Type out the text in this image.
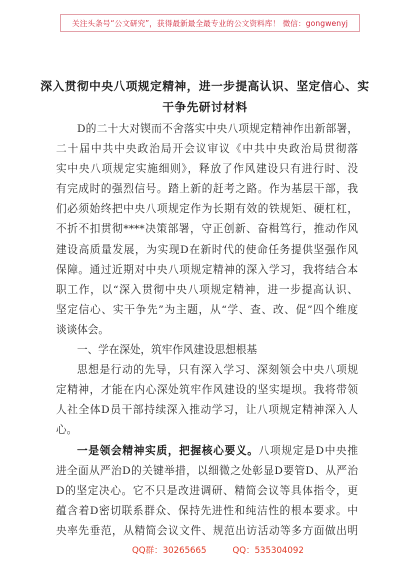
关注头条号“公文研究”，获得最新最全最专业的公文资料库！ 微信：gongwenyj
深入贯彻中央八项规定精神，进一步提高认识、坚定信心、实
干争先研讨材料
D的二十大对锲而不舍落实中央八项规定精神作出新部署，
二十届中共中央政治局开会议审议《中共中央政治局贯彻落
实中央八项规定实施细则》，释放了作风建设只有进行时、没
有完成时的强烈信号。踏上新的赶考之路。作为基层干部，我
们必须始终把中央八项规定作为长期有效的铁规矩、硬杠杠，
不折不扣贯彻****决策部署，守正创新、奋楫笃行，推动作风
建设高质量发展，为实现D在新时代的使命任务提供坚强作风
保障。通过近期对中央八项规定精神的深入学习，我将结合本
职工作，以“深入贯彻中央八项规定精神，进一步提高认识、
坚定信心、实干争先”为主题，从“学、查、改、促”四个维度
谈谈体会。
一、学在深处，筑牢作风建设思想根基
思想是行动的先导，只有深入学习、深刻领会中央八项规
定精神，才能在内心深处筑牢作风建设的坚实堤坝。我将带领
人社全体D员干部持续深入推动学习，让八项规定精神深入人
心。
一是领会精神实质，把握核心要义。八项规定是D中央推
进全面从严治D的关键举措，以细微之处彰显D要管D、从严治
D的坚定决心。它不只是改进调研、精简会议等具体指令，更
蕴含着D密切联系群众、保持先进性和纯洁性的根本要求。中
央率先垂范，从精简会议文件、规范出访活动等多方面做出明
QQ群：30265665	QQ：535304092
